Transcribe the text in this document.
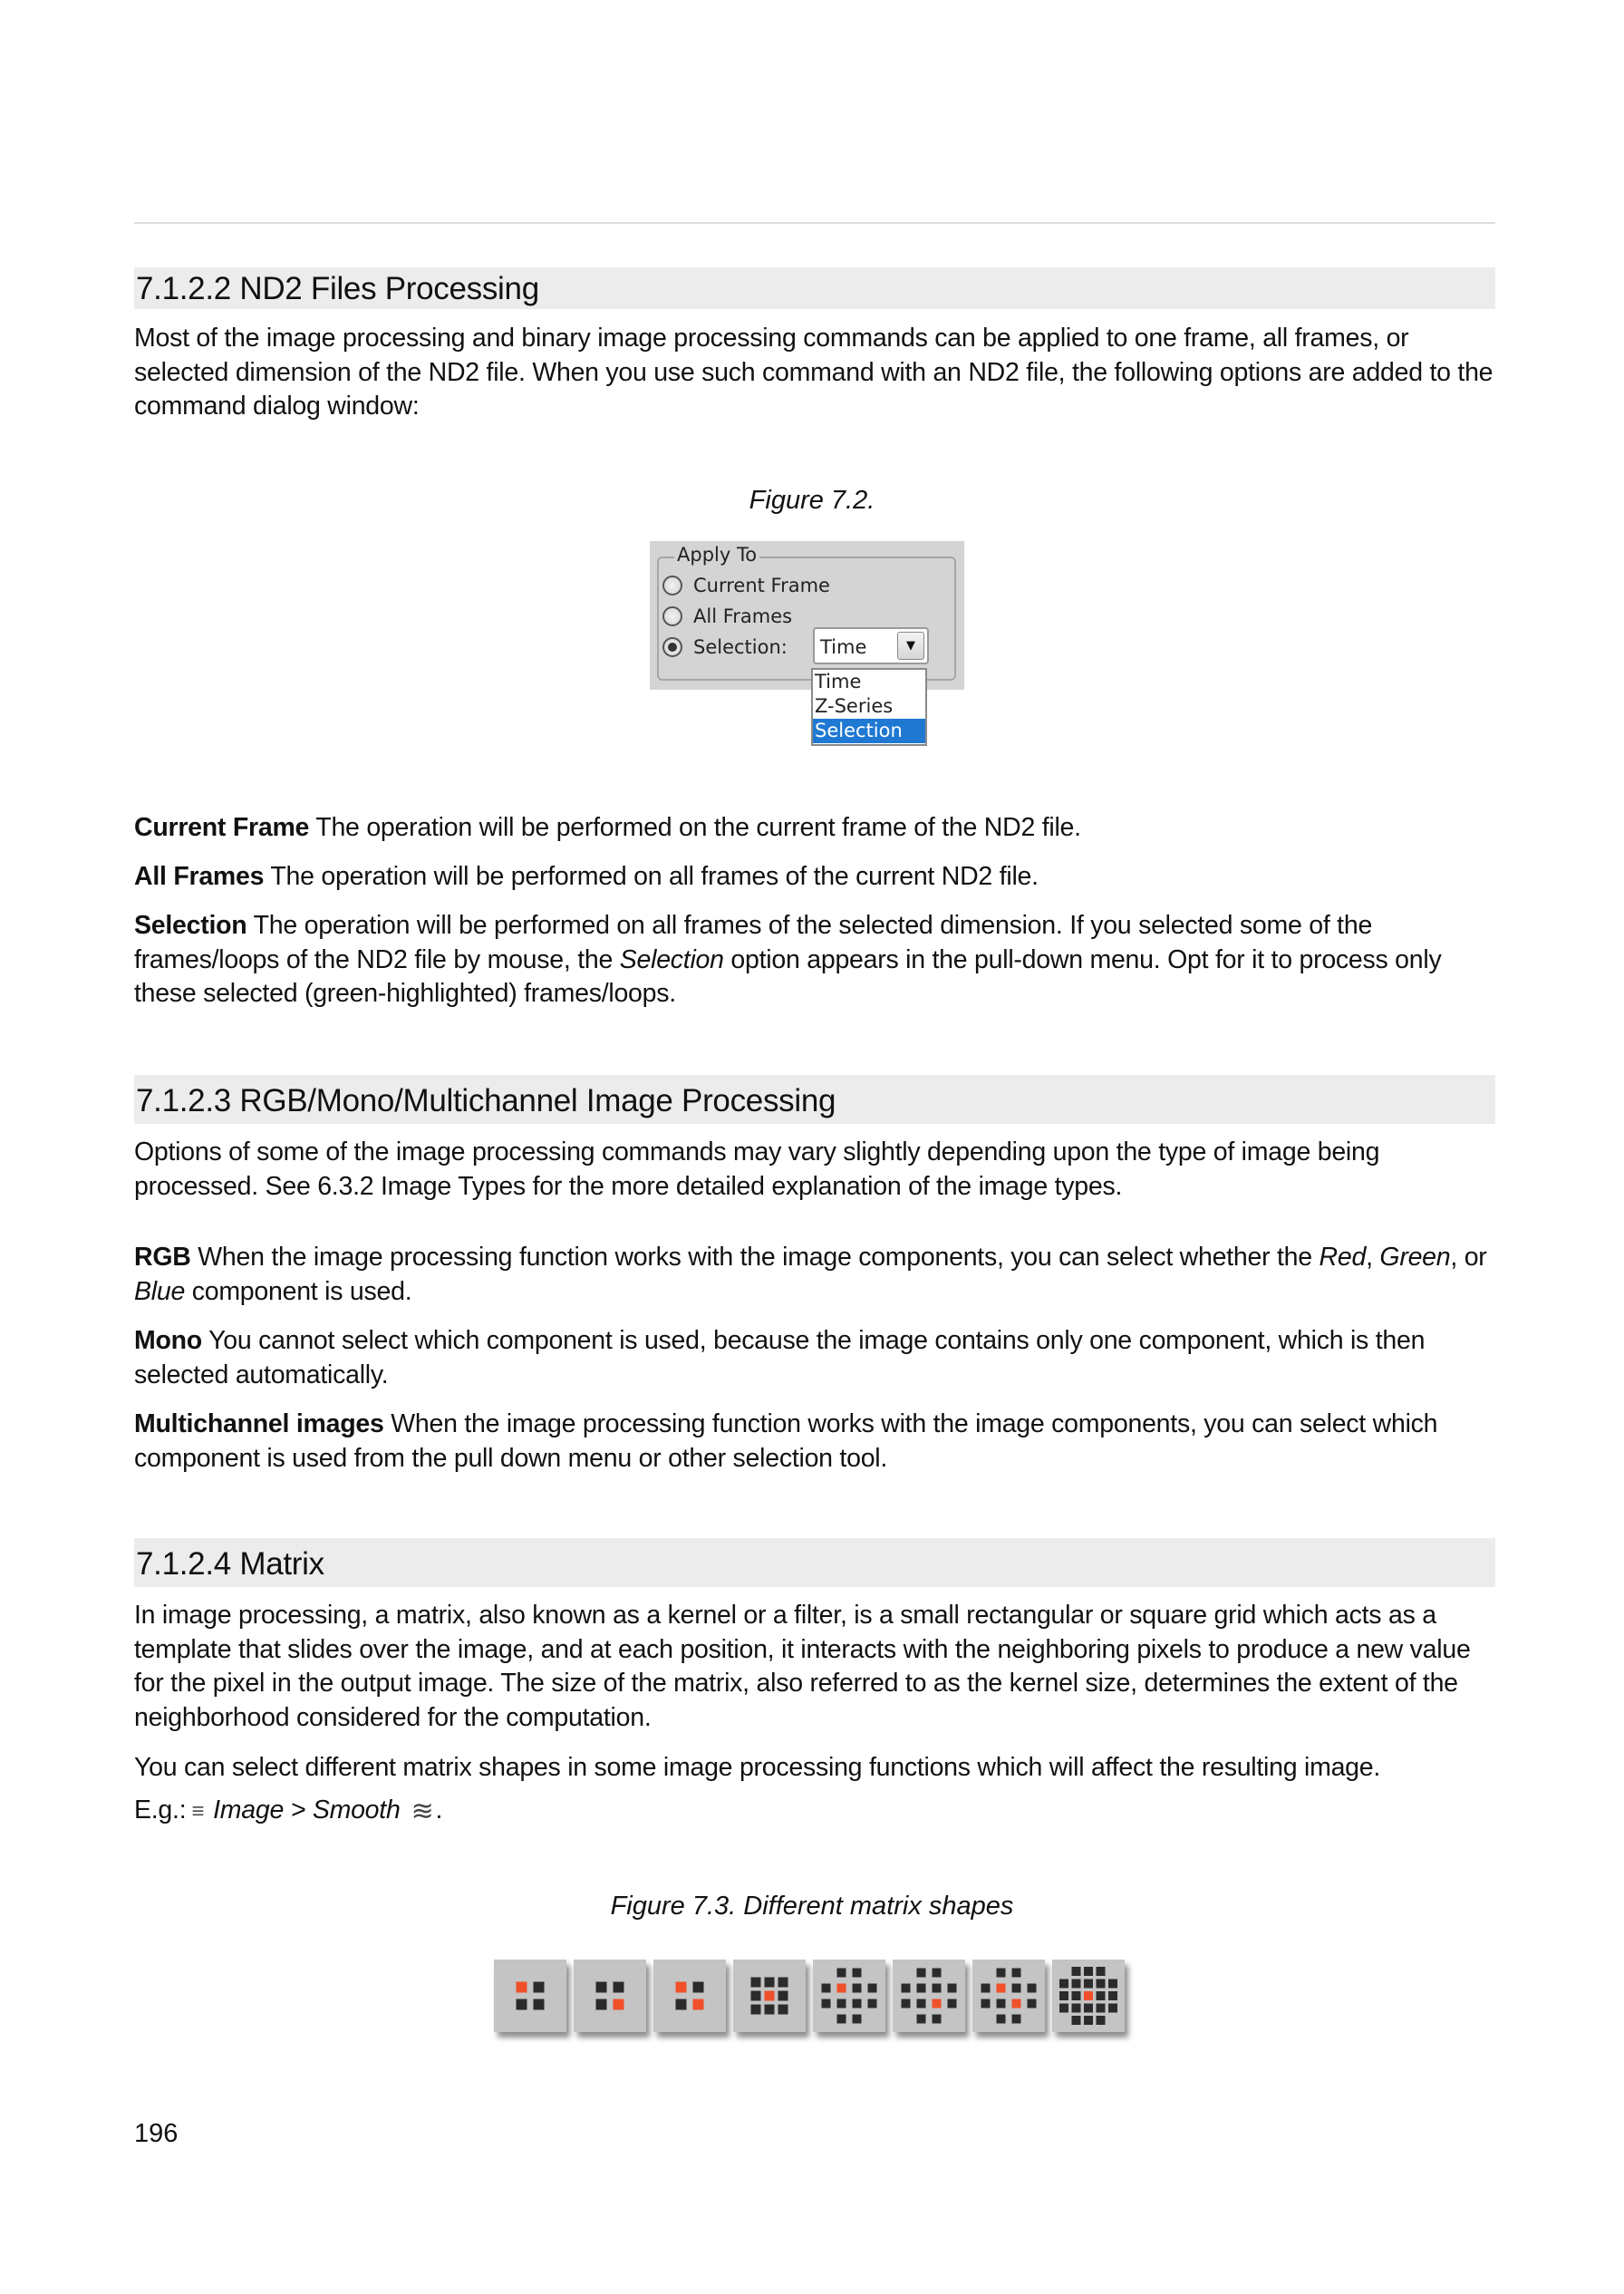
7.1.2.2 ND2 Files Processing
Most of the image processing and binary image processing commands can be applied to one frame, all frames, or selected dimension of the ND2 file. When you use such command with an ND2 file, the following options are added to the command dialog window:
Figure 7.2.
Apply To
Current Frame
All Frames
Selection: Time	▼
Time
Z-Series
Selection
Current Frame The operation will be performed on the current frame of the ND2 file.
All Frames The operation will be performed on all frames of the current ND2 file.
Selection The operation will be performed on all frames of the selected dimension. If you selected some of the frames/loops of the ND2 file by mouse, the Selection option appears in the pull-down menu. Opt for it to process only these selected (green-highlighted) frames/loops.
7.1.2.3 RGB/Mono/Multichannel Image Processing
Options of some of the image processing commands may vary slightly depending upon the type of image being processed. See 6.3.2 Image Types for the more detailed explanation of the image types.
RGB When the image processing function works with the image components, you can select whether the Red, Green, or Blue component is used.
Mono You cannot select which component is used, because the image contains only one component, which is then selected automatically.
Multichannel images When the image processing function works with the image components, you can select which component is used from the pull down menu or other selection tool.
7.1.2.4 Matrix
In image processing, a matrix, also known as a kernel or a filter, is a small rectangular or square grid which acts as a template that slides over the image, and at each position, it interacts with the neighboring pixels to produce a new value for the pixel in the output image. The size of the matrix, also referred to as the kernel size, determines the extent of the neighborhood considered for the computation.
You can select different matrix shapes in some image processing functions which will affect the resulting image.
E.g.: ≡ Image > Smooth ≋.
Figure 7.3. Different matrix shapes
196
